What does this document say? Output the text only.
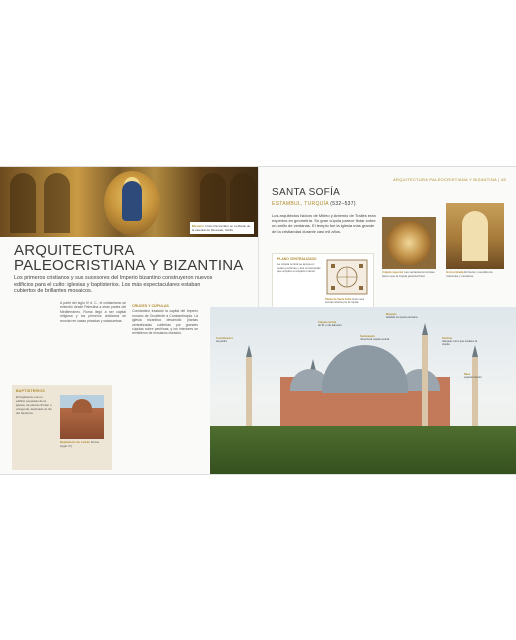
Mosaico Cristo Pantocrátor en el ábside de la catedral de Monreale, Sicilia.
ARQUITECTURA
PALEOCRISTIANA Y BIZANTINA
Los primeros cristianos y sus sucesores del Imperio bizantino construyeron nuevos edificios para el culto: iglesias y baptisterios. Los más espectaculares estaban cubiertos de brillantes mosaicos.
A partir del siglo IV d. C., el cristianismo se extendió desde Palestina a otras partes del Mediterráneo. Roma llegó a ser capital religiosa y los primeros cristianos se reunían en casas privadas y catacumbas.
CRUCES Y CÚPULAS
Constantino trasladó la capital del Imperio romano de Occidente a Constantinopla. La iglesia bizantina desarrolló plantas centralizadas cubiertas por grandes cúpulas sobre pechinas, y los interiores se revistieron de mosaicos dorados.
BAPTISTERIOS

El baptisterio era un edificio separado de la iglesia, de planta circular u octogonal, destinado al rito del bautismo.

Baptisterio de Letrán Roma (siglo IV)
ARQUITECTURA PALEOCRISTIANA Y BIZANTINA | 45
SANTA SOFÍA
ESTAMBUL, TURQUÍA (532–537)
Los arquitectos Isidoro de Mileto y Antemio de Tralles eran expertos en geometría. Su gran cúpula parece flotar sobre un anillo de ventanas. El templo fue la iglesia más grande de la cristiandad durante casi mil años.
PLANO CENTRALIZADO

La cúpula central se apoya en cuatro pechinas y dos semicúpulas que amplían el espacio interior.

Planta de Santa Sofía Gran nave central cubierta por la cúpula.
Cúpula superior Las ventanas de la base hacen que la cúpula parezca flotar.
Gran entrada El interior, revestido de mármoles y mosaicos.
Cúpula central
de 31 m de diámetro
Minarete
añadido en época otomana
Semicúpula
refuerza la cúpula central
Contrafuertes
de piedra
Pechina
triángulo curvo que sostiene la cúpula
Nave
espacio interior
